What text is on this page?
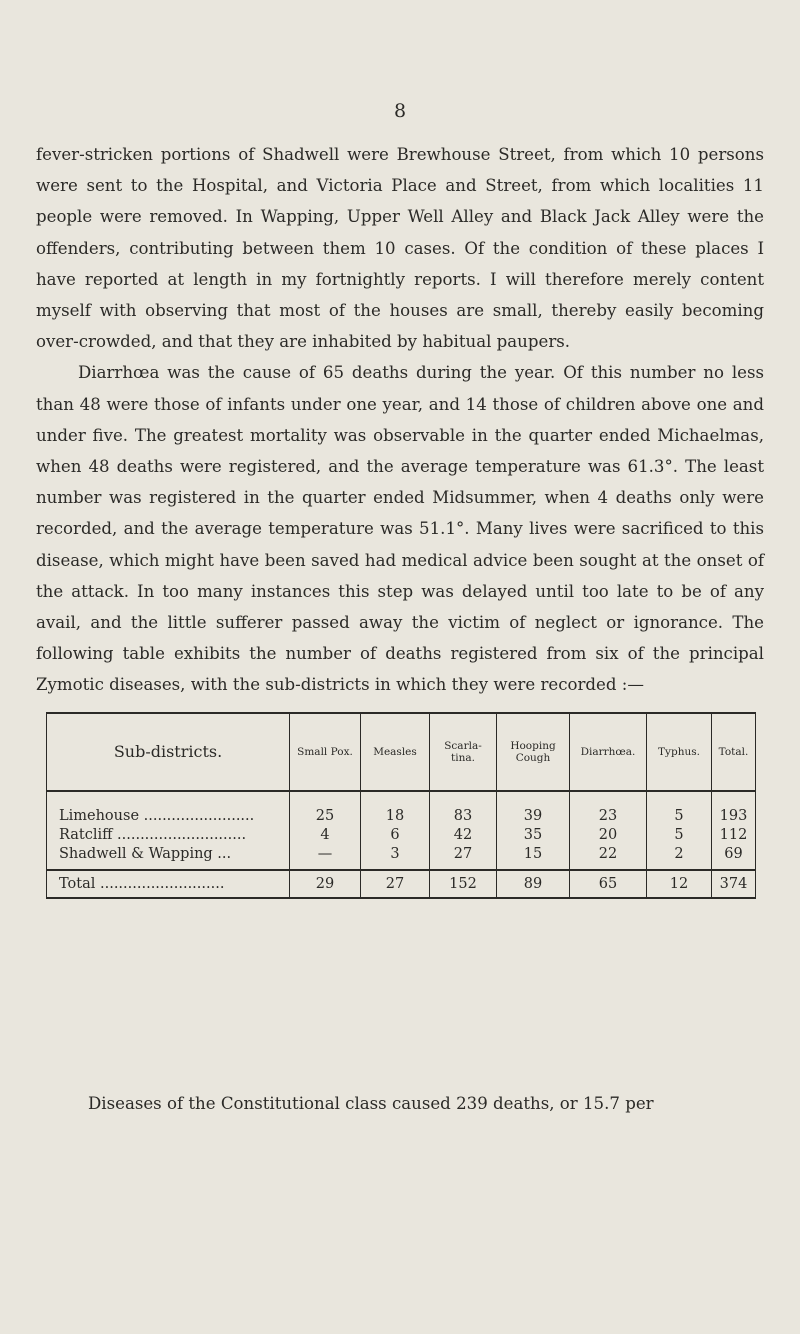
8

fever-stricken portions of Shadwell were Brewhouse Street, from which 10 persons were sent to the Hospital, and Victoria Place and Street, from which localities 11 people were removed. In Wapping, Upper Well Alley and Black Jack Alley were the offenders, contributing between them 10 cases. Of the condition of these places I have reported at length in my fortnightly reports. I will therefore merely content myself with observing that most of the houses are small, thereby easily becoming over-crowded, and that they are inhabited by habitual paupers.

Diarrhœa was the cause of 65 deaths during the year. Of this number no less than 48 were those of infants under one year, and 14 those of children above one and under five. The greatest mortality was observable in the quarter ended Michaelmas, when 48 deaths were registered, and the average temperature was 61.3°. The least number was registered in the quarter ended Midsummer, when 4 deaths only were recorded, and the average temperature was 51.1°. Many lives were sacrificed to this disease, which might have been saved had medical advice been sought at the onset of the attack. In too many instances this step was delayed until too late to be of any avail, and the little sufferer passed away the victim of neglect or ignorance. The following table exhibits the number of deaths registered from six of the principal Zymotic diseases, with the sub-districts in which they were recorded :—

Sub-districts.	Small Pox.	Measles	Scarla- tina.	Hooping Cough	Diarrhœa.	Typhus.	Total.
Limehouse ........................	25	18	83	39	23	5	193
Ratcliff ............................	4	6	42	35	20	5	112
Shadwell & Wapping ...	—	3	27	15	22	2	69
Total ...........................	29	27	152	89	65	12	374

Diseases of the Constitutional class caused 239 deaths, or 15.7 per
